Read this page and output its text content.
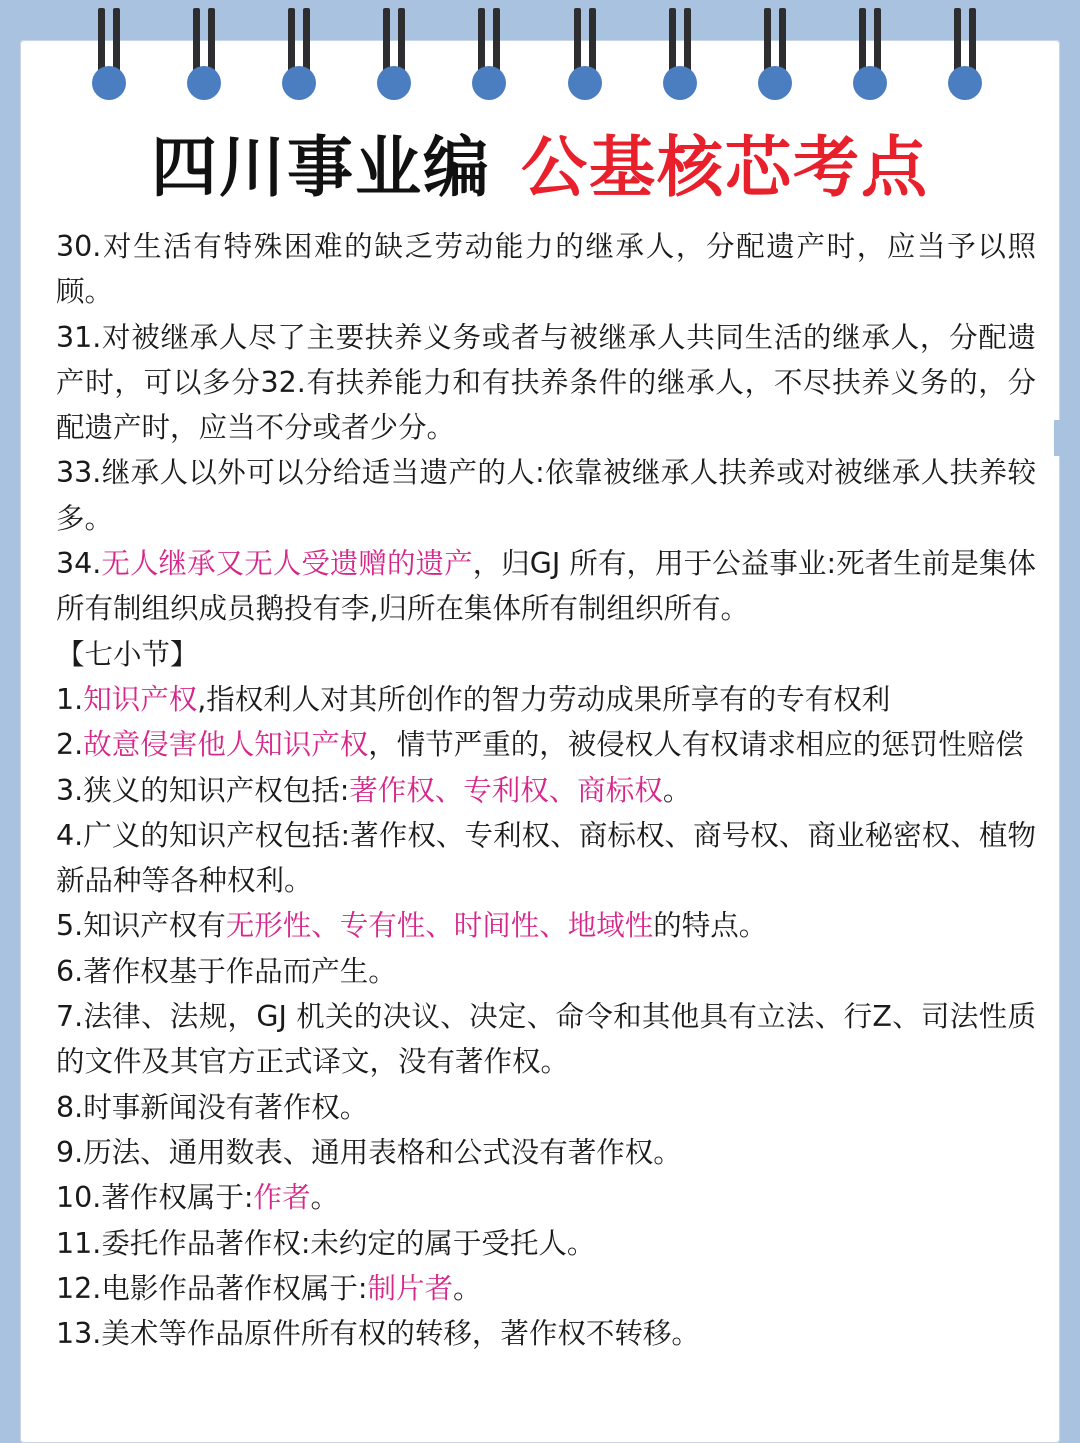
四川事业编 公基核芯考点

30.对生活有特殊困难的缺乏劳动能力的继承人，分配遗产时，应当予以照顾。

31.对被继承人尽了主要扶养义务或者与被继承人共同生活的继承人，分配遗产时，可以多分32.有扶养能力和有扶养条件的继承人，不尽扶养义务的，分配遗产时，应当不分或者少分。

33.继承人以外可以分给适当遗产的人:依靠被继承人扶养或对被继承人扶养较多。

34.无人继承又无人受遗赠的遗产，归GJ 所有，用于公益事业:死者生前是集体所有制组织成员鹅投有李,归所在集体所有制组织所有。

【七小节】

1.知识产权,指权利人对其所创作的智力劳动成果所享有的专有权利

2.故意侵害他人知识产权，情节严重的，被侵权人有权请求相应的惩罚性赔偿

3.狭义的知识产权包括:著作权、专利权、商标权。

4.广义的知识产权包括:著作权、专利权、商标权、商号权、商业秘密权、植物新品种等各种权利。

5.知识产权有无形性、专有性、时间性、地域性的特点。

6.著作权基于作品而产生。

7.法律、法规，GJ 机关的决议、决定、命令和其他具有立法、行Z、司法性质的文件及其官方正式译文，没有著作权。

8.时事新闻没有著作权。

9.历法、通用数表、通用表格和公式没有著作权。

10.著作权属于:作者。

11.委托作品著作权:未约定的属于受托人。

12.电影作品著作权属于:制片者。

13.美术等作品原件所有权的转移，著作权不转移。
